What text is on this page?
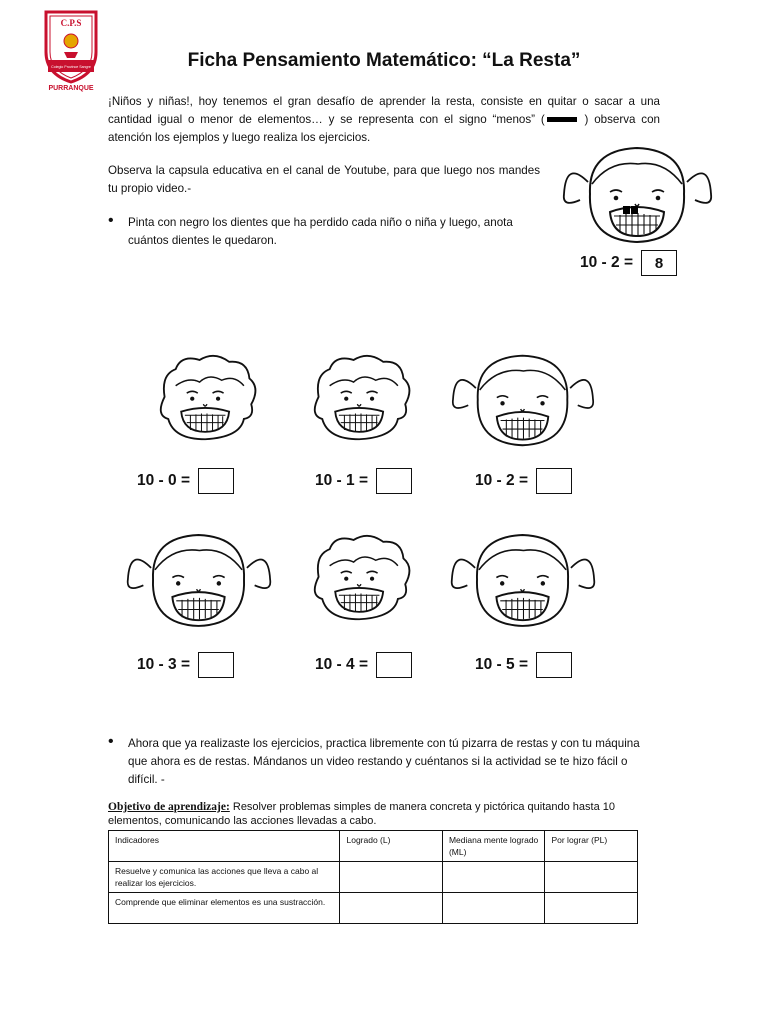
C.P.S
Colegio Province Sangre
PURRANQUE
Ficha Pensamiento Matemático: “La Resta”
¡Niños y niñas!, hoy tenemos el gran desafío de aprender la resta, consiste en quitar o sacar a una cantidad igual o menor de elementos… y se representa con el signo “menos” (	) observa con atención los ejemplos y luego realiza los ejercicios.
Observa la capsula educativa en el canal de Youtube, para que luego nos mandes tu propio video.-
• Pinta con negro los dientes que ha perdido cada niño o niña y luego, anota cuántos dientes le quedaron.
10 - 2 =	8
10 - 0 =	10 - 1 =	10 - 2 =
10 - 3 =	10 - 4 =	10 - 5 =
• Ahora que ya realizaste los ejercicios, practica libremente con tú pizarra de restas y con tu máquina que ahora es de restas. Mándanos un video restando y cuéntanos si la actividad se te hizo fácil o difícil. -
Objetivo de aprendizaje: Resolver problemas simples de manera concreta y pictórica quitando hasta 10 elementos, comunicando las acciones llevadas a cabo.
Indicadores	Logrado (L)	Mediana mente logrado (ML)	Por lograr (PL)
Resuelve y comunica las acciones que lleva a cabo al realizar los ejercicios.			
Comprende que eliminar elementos es una sustracción.			
